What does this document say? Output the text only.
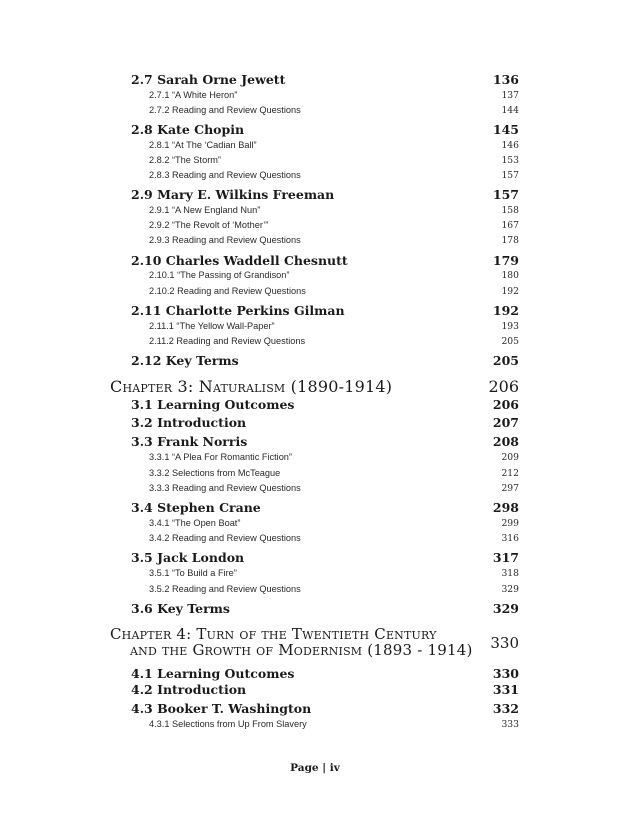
2.7 Sarah Orne Jewett	136
2.7.1 “A White Heron”	137
2.7.2 Reading and Review Questions	144
2.8 Kate Chopin	145
2.8.1 “At The ‘Cadian Ball”	146
2.8.2 “The Storm”	153
2.8.3 Reading and Review Questions	157
2.9 Mary E. Wilkins Freeman	157
2.9.1 “A New England Nun”	158
2.9.2 “The Revolt of ‘Mother’”	167
2.9.3 Reading and Review Questions	178
2.10 Charles Waddell Chesnutt	179
2.10.1 “The Passing of Grandison”	180
2.10.2 Reading and Review Questions	192
2.11 Charlotte Perkins Gilman	192
2.11.1 “The Yellow Wall-Paper”	193
2.11.2 Reading and Review Questions	205
2.12 Key Terms	205
Chapter 3: Naturalism (1890-1914)	206
3.1 Learning Outcomes	206
3.2 Introduction	207
3.3 Frank Norris	208
3.3.1 “A Plea For Romantic Fiction”	209
3.3.2 Selections from McTeague	212
3.3.3 Reading and Review Questions	297
3.4 Stephen Crane	298
3.4.1 “The Open Boat”	299
3.4.2 Reading and Review Questions	316
3.5 Jack London	317
3.5.1 “To Build a Fire”	318
3.5.2 Reading and Review Questions	329
3.6 Key Terms	329
Chapter 4: Turn of the Twentieth Century
and the Growth of Modernism (1893 - 1914) 330
4.1 Learning Outcomes	330
4.2 Introduction	331
4.3 Booker T. Washington	332
4.3.1 Selections from Up From Slavery	333
Page | iv
